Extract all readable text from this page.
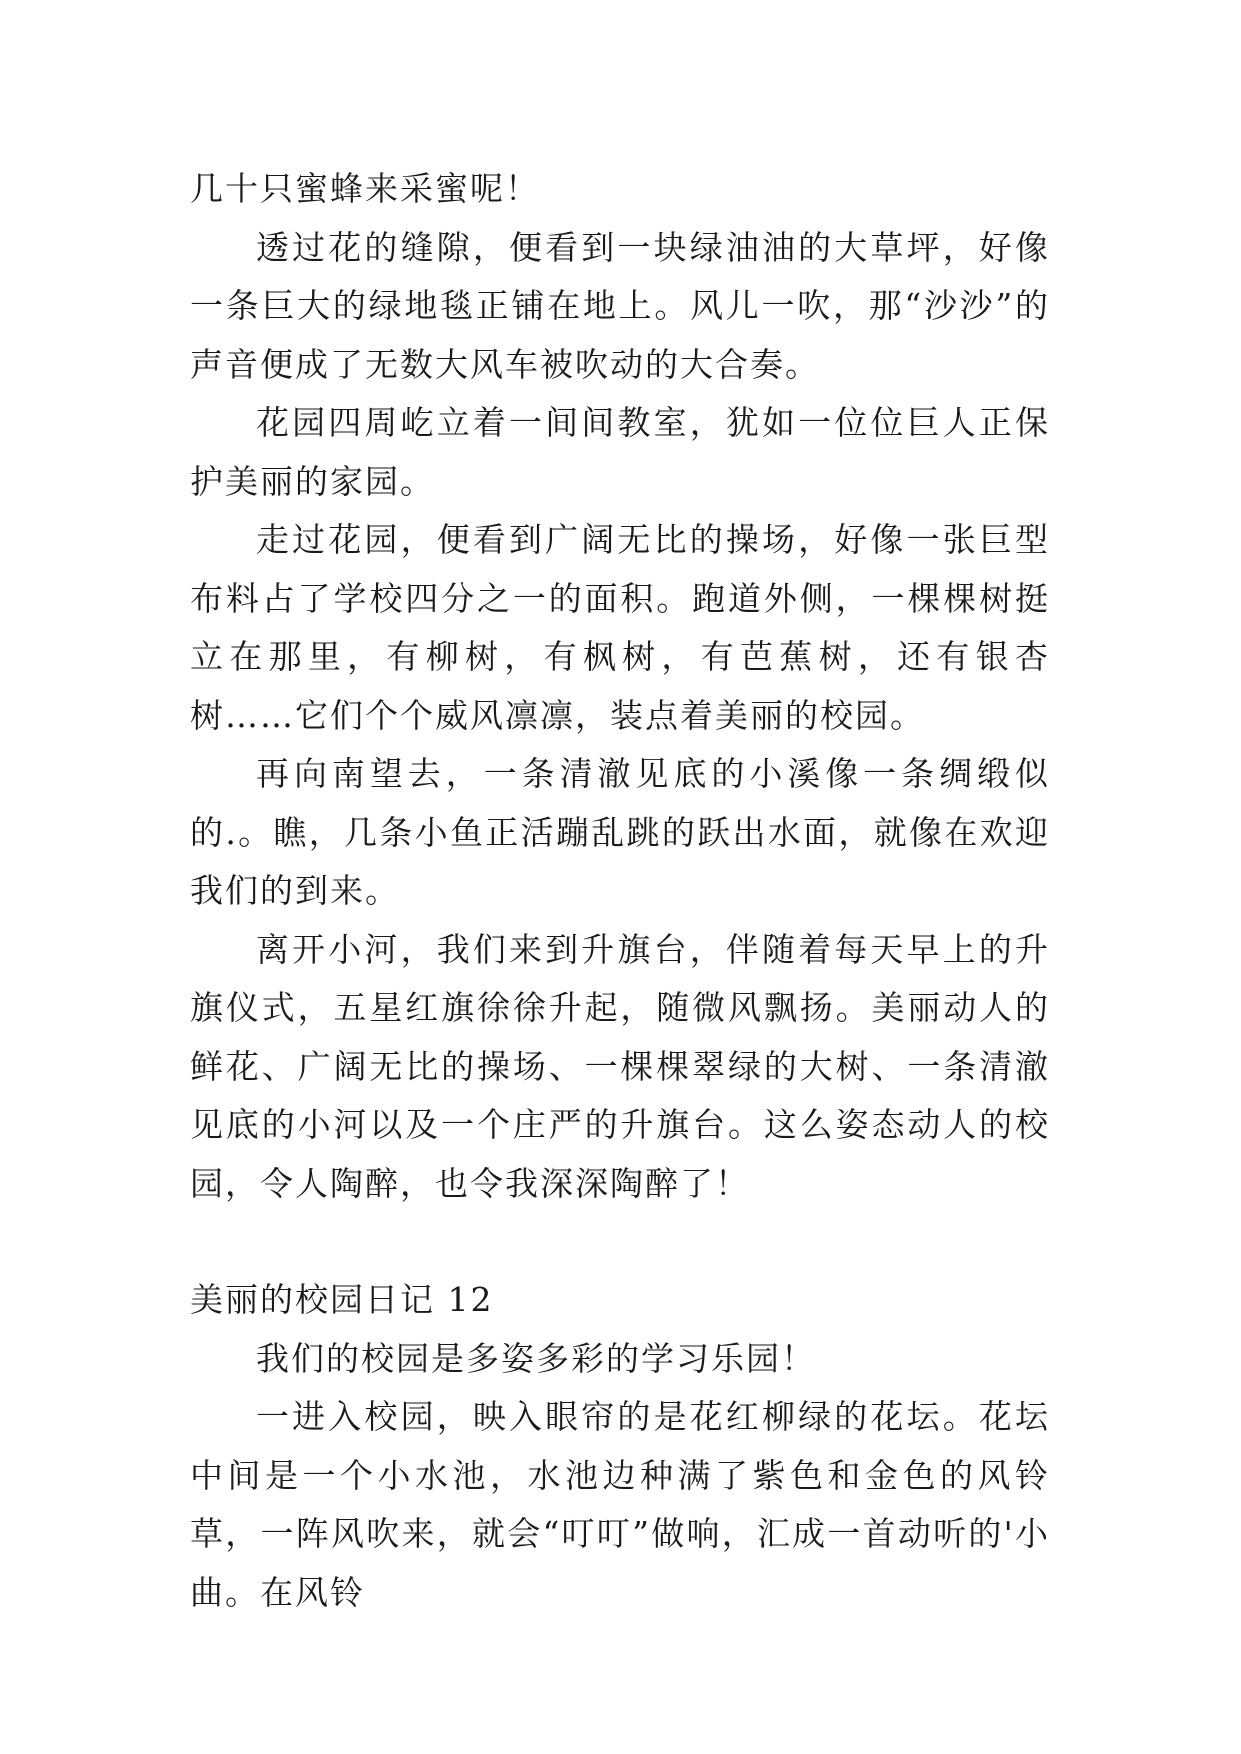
几十只蜜蜂来采蜜呢！

透过花的缝隙，便看到一块绿油油的大草坪，好像一条巨大的绿地毯正铺在地上。风儿一吹，那“沙沙”的声音便成了无数大风车被吹动的大合奏。

花园四周屹立着一间间教室，犹如一位位巨人正保护美丽的家园。

走过花园，便看到广阔无比的操场，好像一张巨型布料占了学校四分之一的面积。跑道外侧，一棵棵树挺立在那里，有柳树，有枫树，有芭蕉树，还有银杏树……它们个个威风凛凛，装点着美丽的校园。

再向南望去，一条清澈见底的小溪像一条绸缎似的.。瞧，几条小鱼正活蹦乱跳的跃出水面，就像在欢迎我们的到来。

离开小河，我们来到升旗台，伴随着每天早上的升旗仪式，五星红旗徐徐升起，随微风飘扬。美丽动人的鲜花、广阔无比的操场、一棵棵翠绿的大树、一条清澈见底的小河以及一个庄严的升旗台。这么姿态动人的校园，令人陶醉，也令我深深陶醉了！

美丽的校园日记 12

我们的校园是多姿多彩的学习乐园！

一进入校园，映入眼帘的是花红柳绿的花坛。花坛中间是一个小水池，水池边种满了紫色和金色的风铃草，一阵风吹来，就会“叮叮”做响，汇成一首动听的'小曲。在风铃
